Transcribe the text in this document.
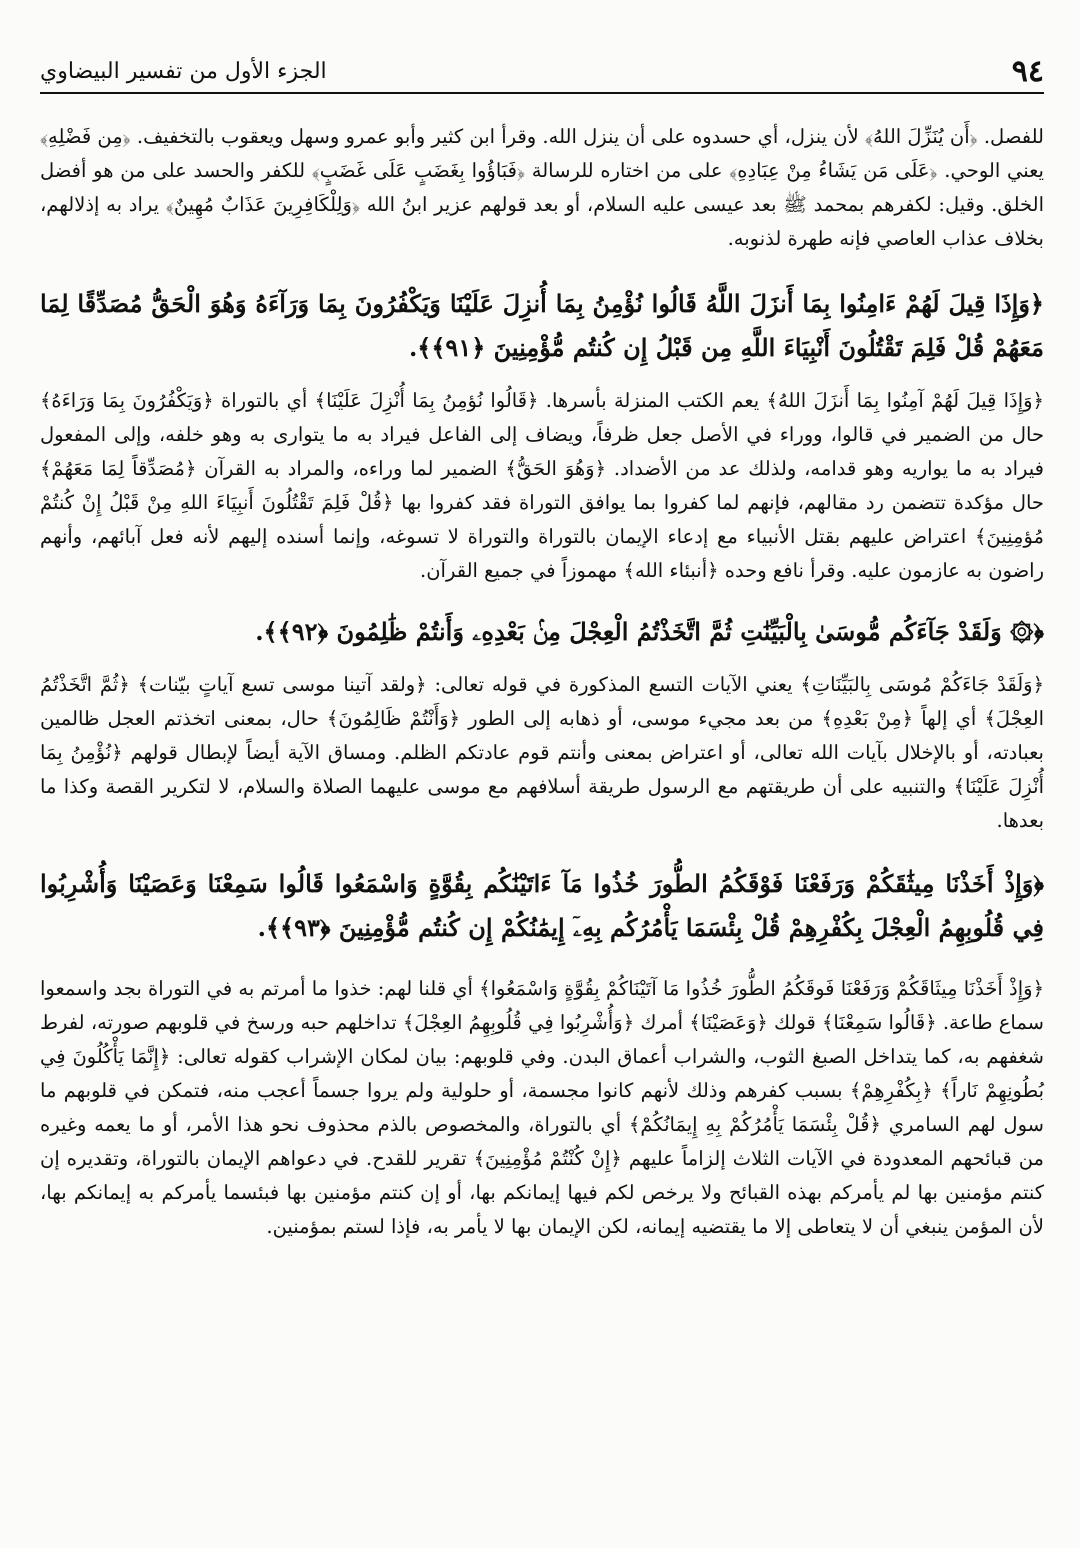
٩٤
الجزء الأول من تفسير البيضاوي

للفصل. ﴿أَن يُنَزِّلَ اللهُ﴾ لأن ينزل، أي حسدوه على أن ينزل الله. وقرأ ابن كثير وأبو عمرو وسهل ويعقوب بالتخفيف. ﴿مِن فَضْلِهِ﴾ يعني الوحي. ﴿عَلَى مَن يَشَاءُ مِنْ عِبَادِهِ﴾ على من اختاره للرسالة ﴿فَبَاؤُوا بِغَضَبٍ عَلَى غَضَبٍ﴾ للكفر والحسد على من هو أفضل الخلق. وقيل: لكفرهم بمحمد ﷺ بعد عيسى عليه السلام، أو بعد قولهم عزير ابنُ الله ﴿وَلِلْكَافِرِينَ عَذَابٌ مُهِينٌ﴾ يراد به إذلالهم، بخلاف عذاب العاصي فإنه طهرة لذنوبه.

﴿وَإِذَا قِيلَ لَهُمْ ءَامِنُوا بِمَا أَنزَلَ اللَّهُ قَالُوا نُؤْمِنُ بِمَا أُنزِلَ عَلَيْنَا وَيَكْفُرُونَ بِمَا وَرَآءَهُ وَهُوَ الْحَقُّ مُصَدِّقًا لِمَا مَعَهُمْ قُلْ فَلِمَ تَقْتُلُونَ أَنْبِيَاءَ اللَّهِ مِن قَبْلُ إِن كُنتُم مُّؤْمِنِينَ ﴿٩١﴾﴾.

﴿وَإِذَا قِيلَ لَهُمْ آمِنُوا بِمَا أَنزَلَ اللهُ﴾ يعم الكتب المنزلة بأسرها. ﴿قَالُوا نُؤمِنُ بِمَا أُنْزِلَ عَلَيْنَا﴾ أي بالتوراة ﴿وَيَكْفُرُونَ بِمَا وَرَاءَهُ﴾ حال من الضمير في قالوا، ووراء في الأصل جعل ظرفاً، ويضاف إلى الفاعل فيراد به ما يتوارى به وهو خلفه، وإلى المفعول فيراد به ما يواريه وهو قدامه، ولذلك عد من الأضداد. ﴿وَهُوَ الحَقُّ﴾ الضمير لما وراءه، والمراد به القرآن ﴿مُصَدِّقاً لِمَا مَعَهُمْ﴾ حال مؤكدة تتضمن رد مقالهم، فإنهم لما كفروا بما يوافق التوراة فقد كفروا بها ﴿قُلْ فَلِمَ تَقْتُلُونَ أَنبِيَاءَ اللهِ مِنْ قَبْلُ إِنْ كُنتُمْ مُؤمِنِينَ﴾ اعتراض عليهم بقتل الأنبياء مع إدعاء الإيمان بالتوراة والتوراة لا تسوغه، وإنما أسنده إليهم لأنه فعل آبائهم، وأنهم راضون به عازمون عليه. وقرأ نافع وحده ﴿أنبئاء الله﴾ مهموزاً في جميع القرآن.

﴿۞ وَلَقَدْ جَآءَكُم مُّوسَىٰ بِالْبَيِّنَٰتِ ثُمَّ اتَّخَذْتُمُ الْعِجْلَ مِنۢ بَعْدِهِۦ وَأَنتُمْ ظَٰلِمُونَ ﴿٩٢﴾﴾.

﴿وَلَقَدْ جَاءَكُمْ مُوسَى بِالبَيِّنَاتِ﴾ يعني الآيات التسع المذكورة في قوله تعالى: ﴿ولقد آتينا موسى تسع آياتٍ بيّنات﴾ ﴿ثُمَّ اتَّخَذْتُمُ العِجْلَ﴾ أي إلهاً ﴿مِنْ بَعْدِهِ﴾ من بعد مجيء موسى، أو ذهابه إلى الطور ﴿وَأَنْتُمْ ظَالِمُونَ﴾ حال، بمعنى اتخذتم العجل ظالمين بعبادته، أو بالإخلال بآيات الله تعالى، أو اعتراض بمعنى وأنتم قوم عادتكم الظلم. ومساق الآية أيضاً لإبطال قولهم ﴿نُؤْمِنُ بِمَا أُنْزِلَ عَلَيْنَا﴾ والتنبيه على أن طريقتهم مع الرسول طريقة أسلافهم مع موسى عليهما الصلاة والسلام، لا لتكرير القصة وكذا ما بعدها.

﴿وَإِذْ أَخَذْنَا مِيثَٰقَكُمْ وَرَفَعْنَا فَوْقَكُمُ الطُّورَ خُذُوا مَآ ءَاتَيْنَٰكُم بِقُوَّةٍ وَاسْمَعُوا قَالُوا سَمِعْنَا وَعَصَيْنَا وَأُشْرِبُوا فِي قُلُوبِهِمُ الْعِجْلَ بِكُفْرِهِمْ قُلْ بِئْسَمَا يَأْمُرُكُم بِهِۦٓ إِيمَٰنُكُمْ إِن كُنتُم مُّؤْمِنِينَ ﴿٩٣﴾﴾.

﴿وَإِذْ أَخَذْنَا مِيثَاقَكُمْ وَرَفَعْنَا فَوقَكُمُ الطُّورَ خُذُوا مَا آتَيْنَاكُمْ بِقُوَّةٍ وَاسْمَعُوا﴾ أي قلنا لهم: خذوا ما أمرتم به في التوراة بجد واسمعوا سماع طاعة. ﴿قَالُوا سَمِعْنَا﴾ قولك ﴿وَعَصَيْنَا﴾ أمرك ﴿وَأُشْرِبُوا فِي قُلُوبِهِمُ العِجْلَ﴾ تداخلهم حبه ورسخ في قلوبهم صورته، لفرط شغفهم به، كما يتداخل الصبغ الثوب، والشراب أعماق البدن. وفي قلوبهم: بيان لمكان الإشراب كقوله تعالى: ﴿إِنَّمَا يَأْكُلُونَ فِي بُطُونِهِمْ نَاراً﴾ ﴿بِكُفْرِهِمْ﴾ بسبب كفرهم وذلك لأنهم كانوا مجسمة، أو حلولية ولم يروا جسماً أعجب منه، فتمكن في قلوبهم ما سول لهم السامري ﴿قُلْ بِئْسَمَا يَأْمُرُكُمْ بِهِ إِيمَانُكُمْ﴾ أي بالتوراة، والمخصوص بالذم محذوف نحو هذا الأمر، أو ما يعمه وغيره من قبائحهم المعدودة في الآيات الثلاث إلزاماً عليهم ﴿إِنْ كُنْتُمْ مُؤْمِنِينَ﴾ تقرير للقدح. في دعواهم الإيمان بالتوراة، وتقديره إن كنتم مؤمنين بها لم يأمركم بهذه القبائح ولا يرخص لكم فيها إيمانكم بها، أو إن كنتم مؤمنين بها فبئسما يأمركم به إيمانكم بها، لأن المؤمن ينبغي أن لا يتعاطى إلا ما يقتضيه إيمانه، لكن الإيمان بها لا يأمر به، فإذا لستم بمؤمنين.
